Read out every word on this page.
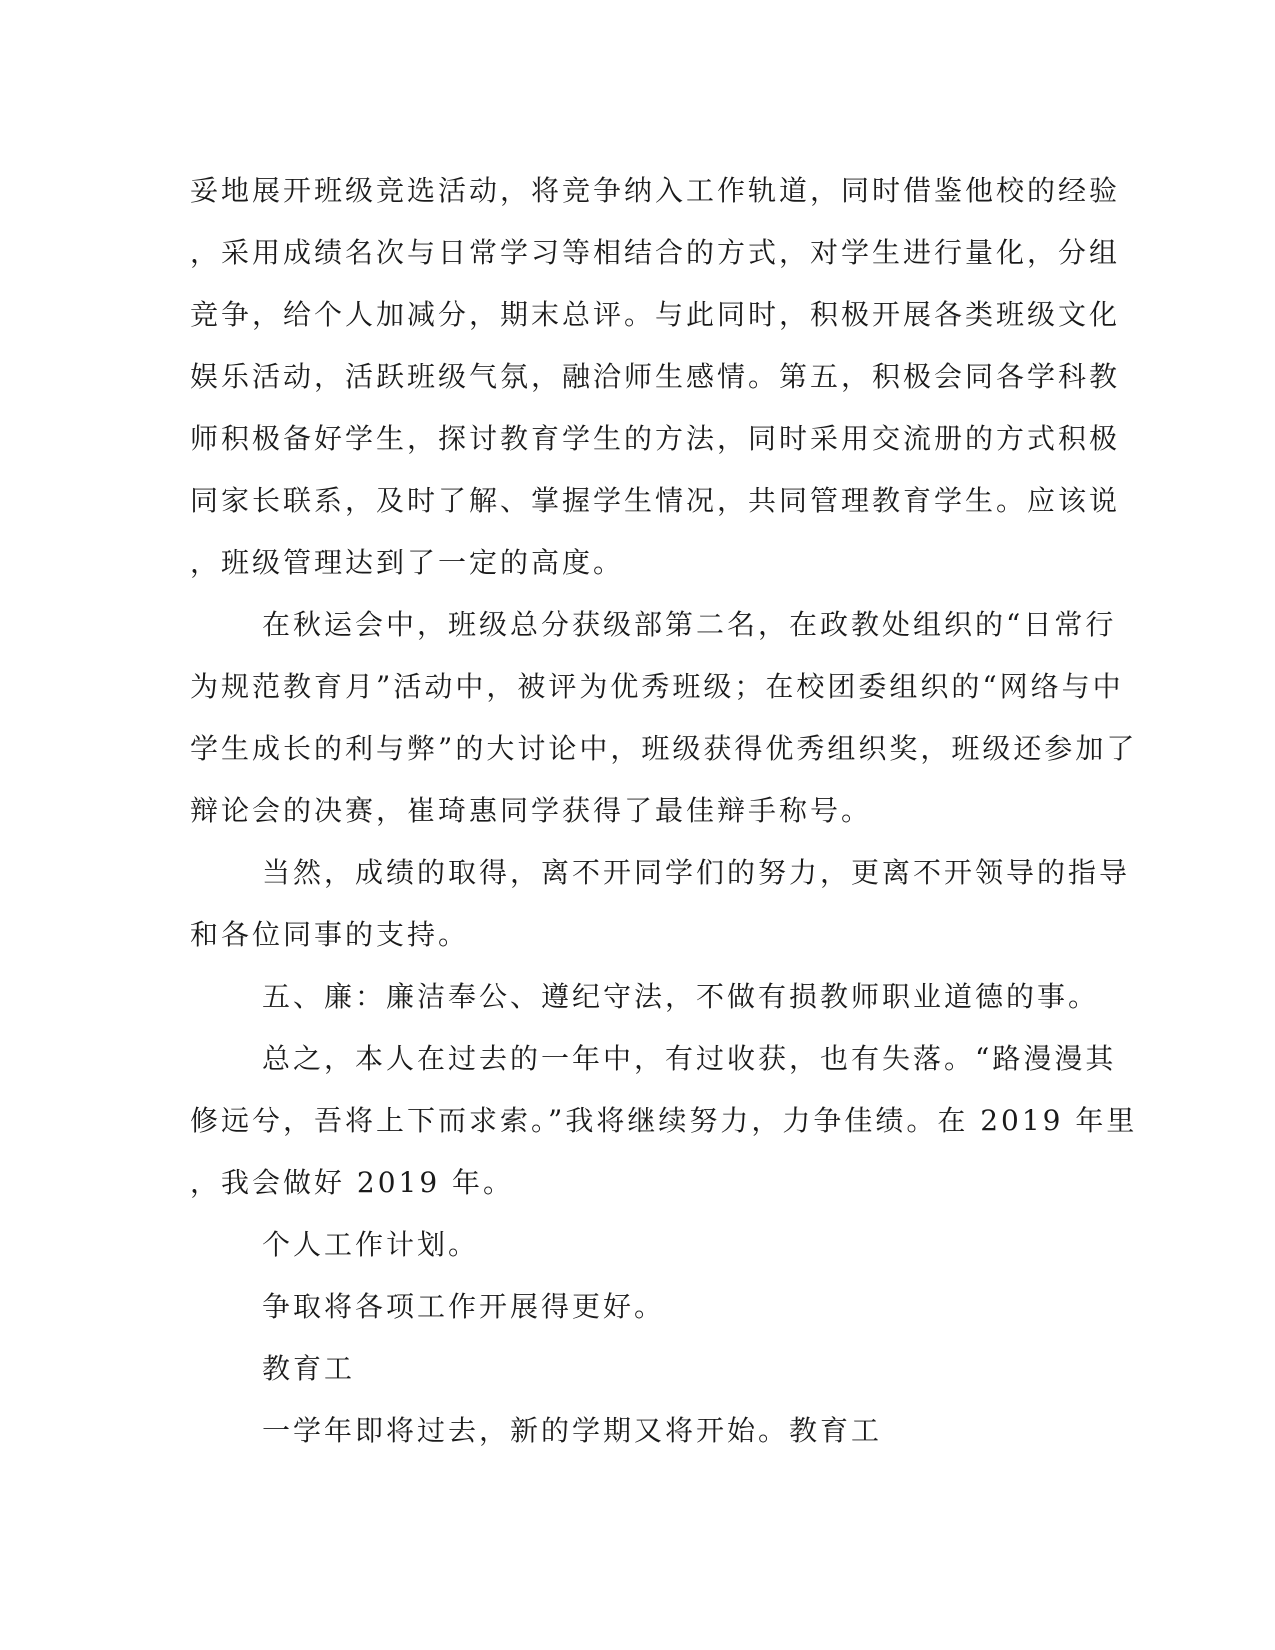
妥地展开班级竞选活动，将竞争纳入工作轨道，同时借鉴他校的经验
，采用成绩名次与日常学习等相结合的方式，对学生进行量化，分组
竞争，给个人加减分，期末总评。与此同时，积极开展各类班级文化
娱乐活动，活跃班级气氛，融洽师生感情。第五，积极会同各学科教
师积极备好学生，探讨教育学生的方法，同时采用交流册的方式积极
同家长联系，及时了解、掌握学生情况，共同管理教育学生。应该说
，班级管理达到了一定的高度。
在秋运会中，班级总分获级部第二名，在政教处组织的“日常行
为规范教育月”活动中，被评为优秀班级；在校团委组织的“网络与中
学生成长的利与弊”的大讨论中，班级获得优秀组织奖，班级还参加了
辩论会的决赛，崔琦惠同学获得了最佳辩手称号。
当然，成绩的取得，离不开同学们的努力，更离不开领导的指导
和各位同事的支持。
五、廉：廉洁奉公、遵纪守法，不做有损教师职业道德的事。
总之，本人在过去的一年中，有过收获，也有失落。“路漫漫其
修远兮，吾将上下而求索。”我将继续努力，力争佳绩。在 2019 年里
，我会做好 2019 年。
个人工作计划。
争取将各项工作开展得更好。
教育工
一学年即将过去，新的学期又将开始。教育工
